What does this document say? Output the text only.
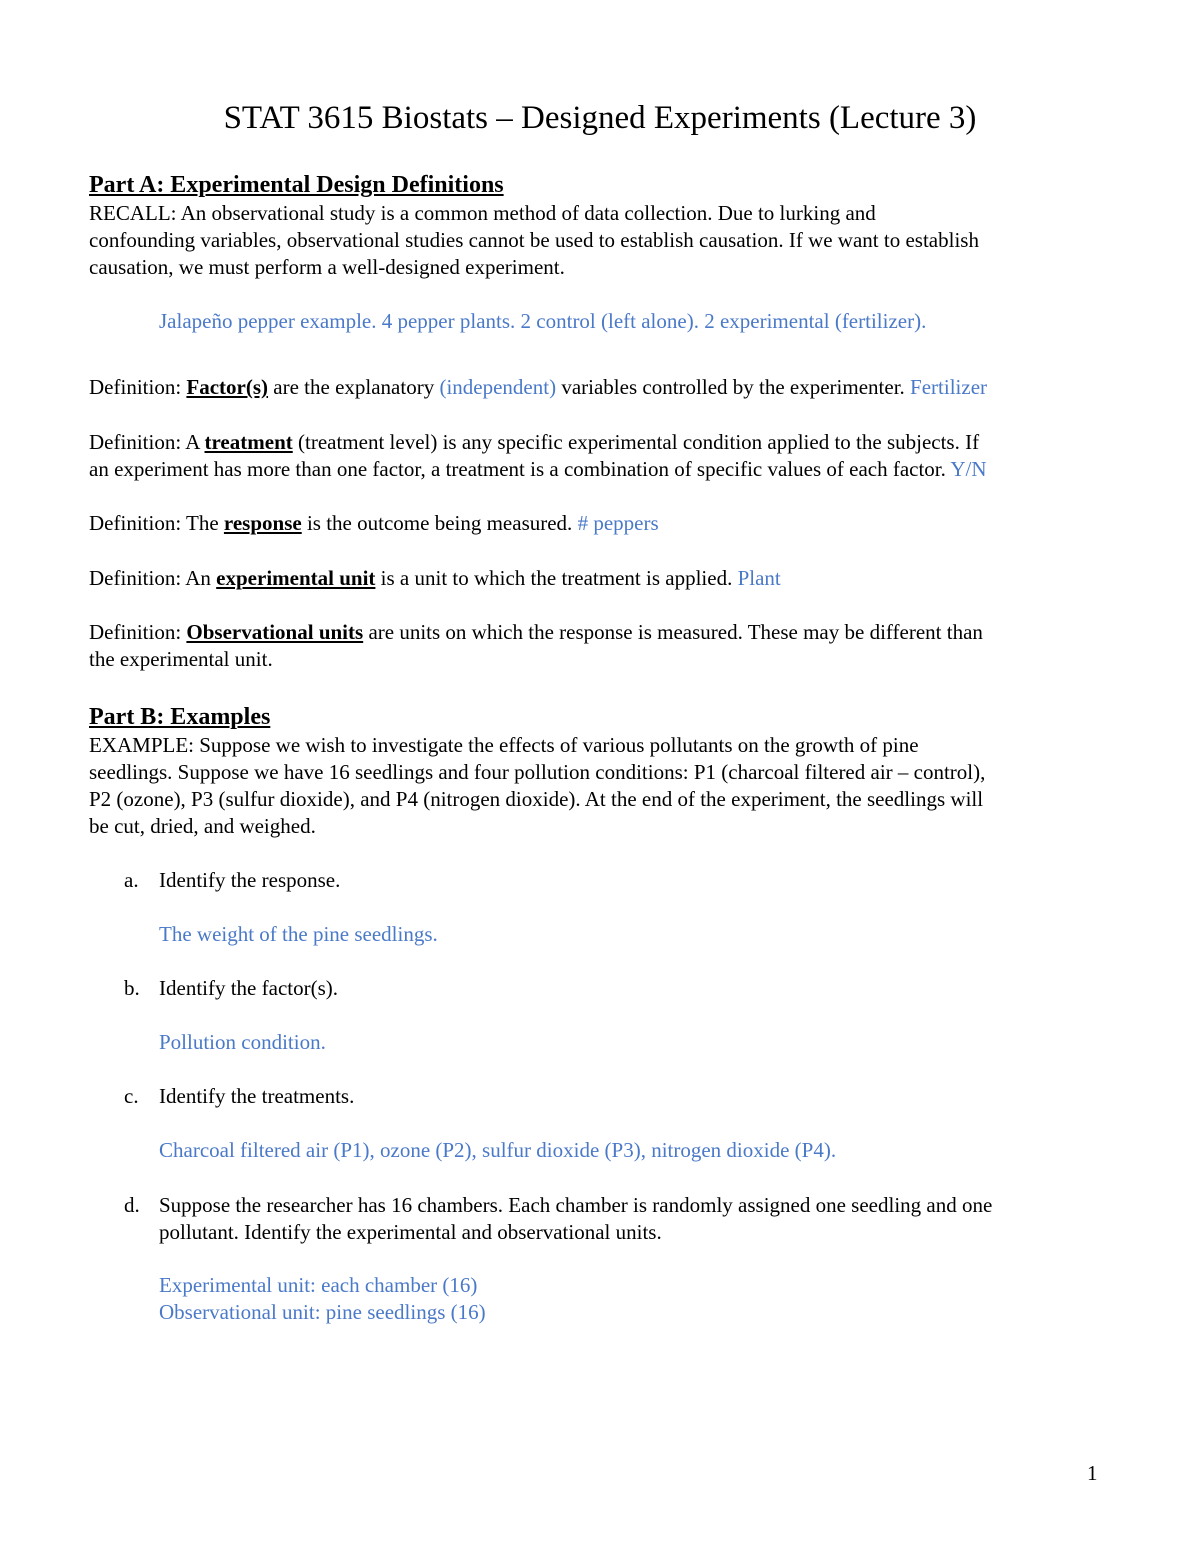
STAT 3615 Biostats – Designed Experiments (Lecture 3)
Part A: Experimental Design Definitions
RECALL: An observational study is a common method of data collection. Due to lurking and
confounding variables, observational studies cannot be used to establish causation. If we want to establish
causation, we must perform a well-designed experiment.
Jalapeño pepper example. 4 pepper plants. 2 control (left alone). 2 experimental (fertilizer).
Definition: Factor(s) are the explanatory (independent) variables controlled by the experimenter. Fertilizer
Definition: A treatment (treatment level) is any specific experimental condition applied to the subjects. If
an experiment has more than one factor, a treatment is a combination of specific values of each factor. Y/N
Definition: The response is the outcome being measured. # peppers
Definition: An experimental unit is a unit to which the treatment is applied. Plant
Definition: Observational units are units on which the response is measured. These may be different than
the experimental unit.
Part B: Examples
EXAMPLE: Suppose we wish to investigate the effects of various pollutants on the growth of pine
seedlings. Suppose we have 16 seedlings and four pollution conditions: P1 (charcoal filtered air – control),
P2 (ozone), P3 (sulfur dioxide), and P4 (nitrogen dioxide). At the end of the experiment, the seedlings will
be cut, dried, and weighed.
a. Identify the response.
The weight of the pine seedlings.
b. Identify the factor(s).
Pollution condition.
c. Identify the treatments.
Charcoal filtered air (P1), ozone (P2), sulfur dioxide (P3), nitrogen dioxide (P4).
d. Suppose the researcher has 16 chambers. Each chamber is randomly assigned one seedling and one
pollutant. Identify the experimental and observational units.
Experimental unit: each chamber (16)
Observational unit: pine seedlings (16)
1
